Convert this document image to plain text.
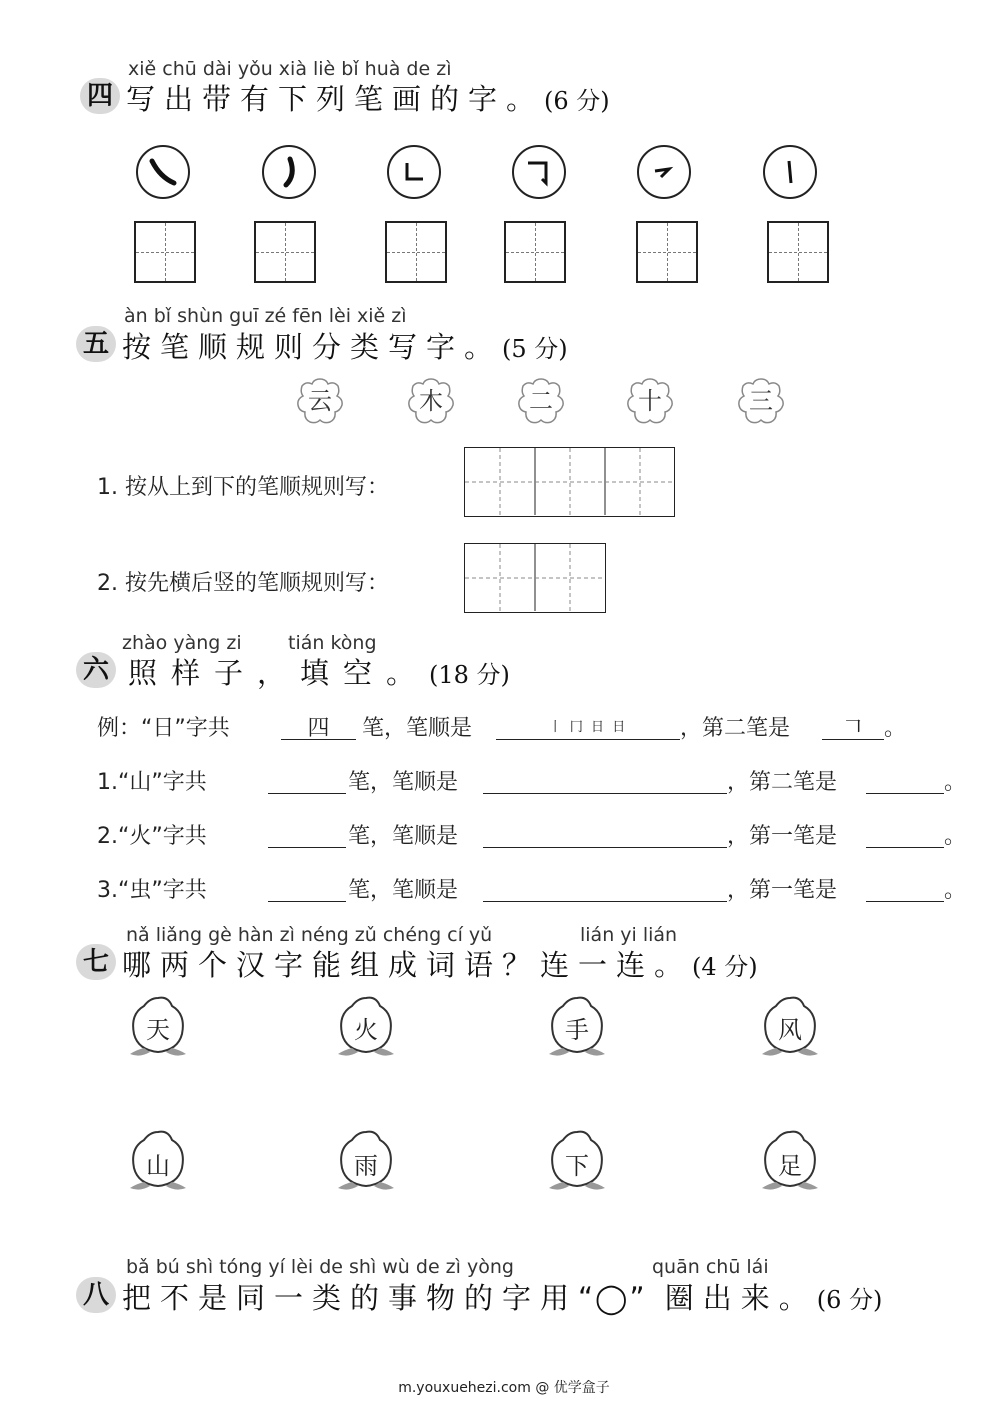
xiě chū dài yǒu xià liè bǐ huà de zì
四 写出带有下列笔画的字。(6 分)
àn bǐ shùn guī zé fēn lèi xiě zì
五 按笔顺规则分类写字。(5 分)
云	木	二	十	三
1. 按从上到下的笔顺规则写：
2. 按先横后竖的笔顺规则写：
zhào yàng zi tián kòng
六 照样子，填空。(18 分)
例：“日”字共	四	笔，笔顺是	丨 冂 日 日	，第二笔是	𠃍 。
1.“山”字共	笔，笔顺是	，第二笔是	。
2.“火”字共	笔，笔顺是	，第一笔是	。
3.“虫”字共	笔，笔顺是	，第一笔是	。
nǎ liǎng gè hàn zì néng zǔ chéng cí yǔ	lián yi lián
七 哪两个汉字能组成词语？连一连。(4 分)
天	火	手	风
山	雨	下	足
bǎ bú shì tóng yí lèi de shì wù de zì yòng	quān chū lái
八 把不是同一类的事物的字用“◯” 圈出来。(6 分)
m.youxuehezi.com @ 优学盒子
